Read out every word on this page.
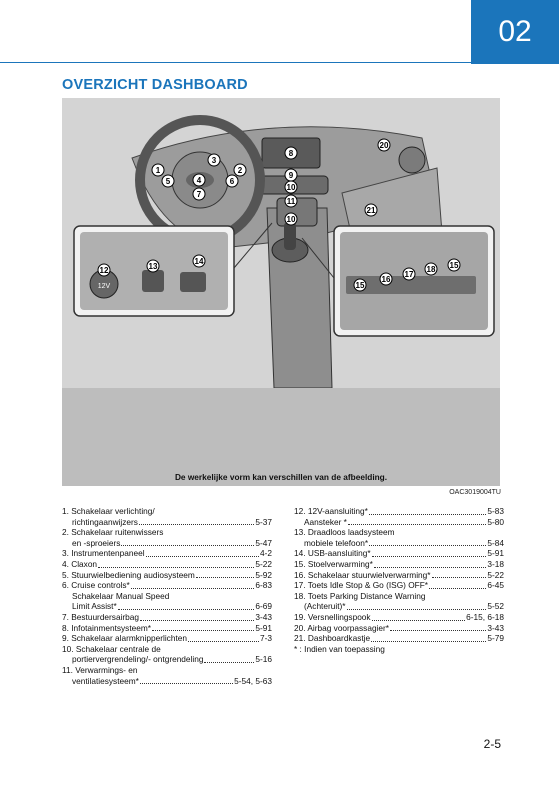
02
OVERZICHT DASHBOARD
12V
1	2
3
4
5	6
7
8
9
10
11
10
20
21
12	13
14
15
16
17
18 15
De werkelijke vorm kan verschillen van de afbeelding.
OAC3019004TU
1. Schakelaar verlichting/
richtingaanwijzers	5-37
2. Schakelaar ruitenwissers
en -sproeiers	5-47
3. Instrumentenpaneel	4-2
4. Claxon	5-22
5. Stuurwielbediening audiosysteem	5-92
6. Cruise controls*	6-83
Schakelaar Manual Speed
Limit Assist*	6-69
7. Bestuurdersairbag	3-43
8. Infotainmentsysteem*	5-91
9. Schakelaar alarmknipperlichten	7-3
10. Schakelaar centrale de
portiervergrendeling/- ontgrendeling	5-16
11. Verwarmings- en
ventilatiesysteem*	5-54, 5-63
12. 12V-aansluiting*	5-83
Aansteker *	5-80
13. Draadloos laadsysteem
mobiele telefoon*	5-84
14. USB-aansluiting*	5-91
15. Stoelverwarming*	3-18
16. Schakelaar stuurwielverwarming*	5-22
17. Toets Idle Stop & Go (ISG) OFF*	6-45
18. Toets Parking Distance Warning
(Achteruit)*	5-52
19. Versnellingspook	6-15, 6-18
20. Airbag voorpassagier*	3-43
21. Dashboardkastje	5-79
* : Indien van toepassing
2-5
